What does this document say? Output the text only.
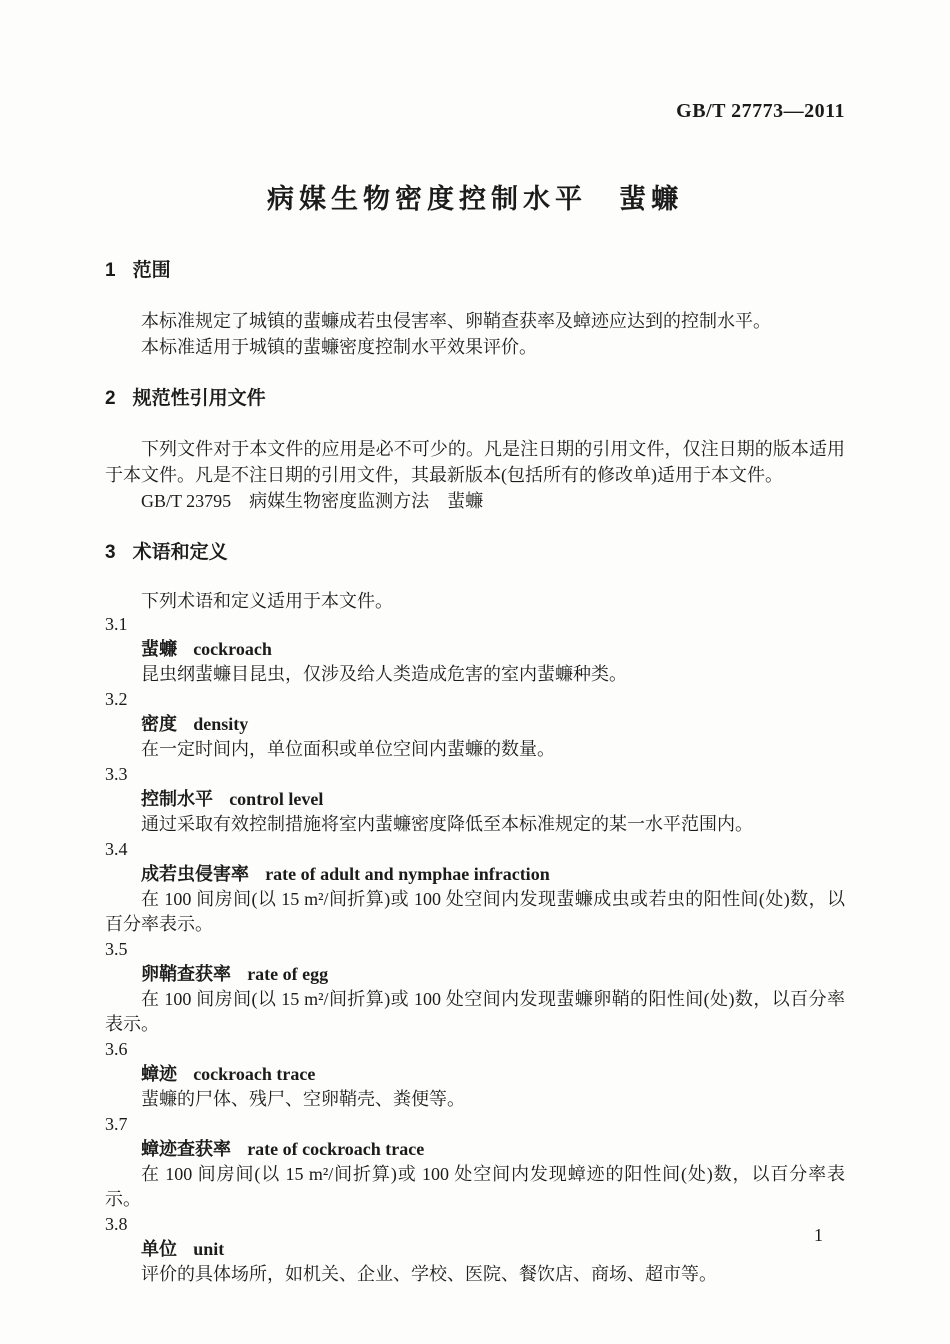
GB/T 27773—2011
病媒生物密度控制水平　蜚蠊
1 范围

本标准规定了城镇的蜚蠊成若虫侵害率、卵鞘查获率及蟑迹应达到的控制水平。

本标准适用于城镇的蜚蠊密度控制水平效果评价。

2 规范性引用文件

下列文件对于本文件的应用是必不可少的。凡是注日期的引用文件，仅注日期的版本适用于本文件。凡是不注日期的引用文件，其最新版本(包括所有的修改单)适用于本文件。

GB/T 23795　病媒生物密度监测方法　蜚蠊

3 术语和定义

下列术语和定义适用于本文件。

3.1
蜚蠊 cockroach
昆虫纲蜚蠊目昆虫，仅涉及给人类造成危害的室内蜚蠊种类。
3.2
密度 density
在一定时间内，单位面积或单位空间内蜚蠊的数量。
3.3
控制水平 control level
通过采取有效控制措施将室内蜚蠊密度降低至本标准规定的某一水平范围内。
3.4
成若虫侵害率 rate of adult and nymphae infraction
在 100 间房间(以 15 m²/间折算)或 100 处空间内发现蜚蠊成虫或若虫的阳性间(处)数，以百分率表示。
3.5
卵鞘查获率 rate of egg
在 100 间房间(以 15 m²/间折算)或 100 处空间内发现蜚蠊卵鞘的阳性间(处)数，以百分率表示。
3.6
蟑迹 cockroach trace
蜚蠊的尸体、残尸、空卵鞘壳、粪便等。
3.7
蟑迹查获率 rate of cockroach trace
在 100 间房间(以 15 m²/间折算)或 100 处空间内发现蟑迹的阳性间(处)数，以百分率表示。
3.8
单位 unit
评价的具体场所，如机关、企业、学校、医院、餐饮店、商场、超市等。
1
